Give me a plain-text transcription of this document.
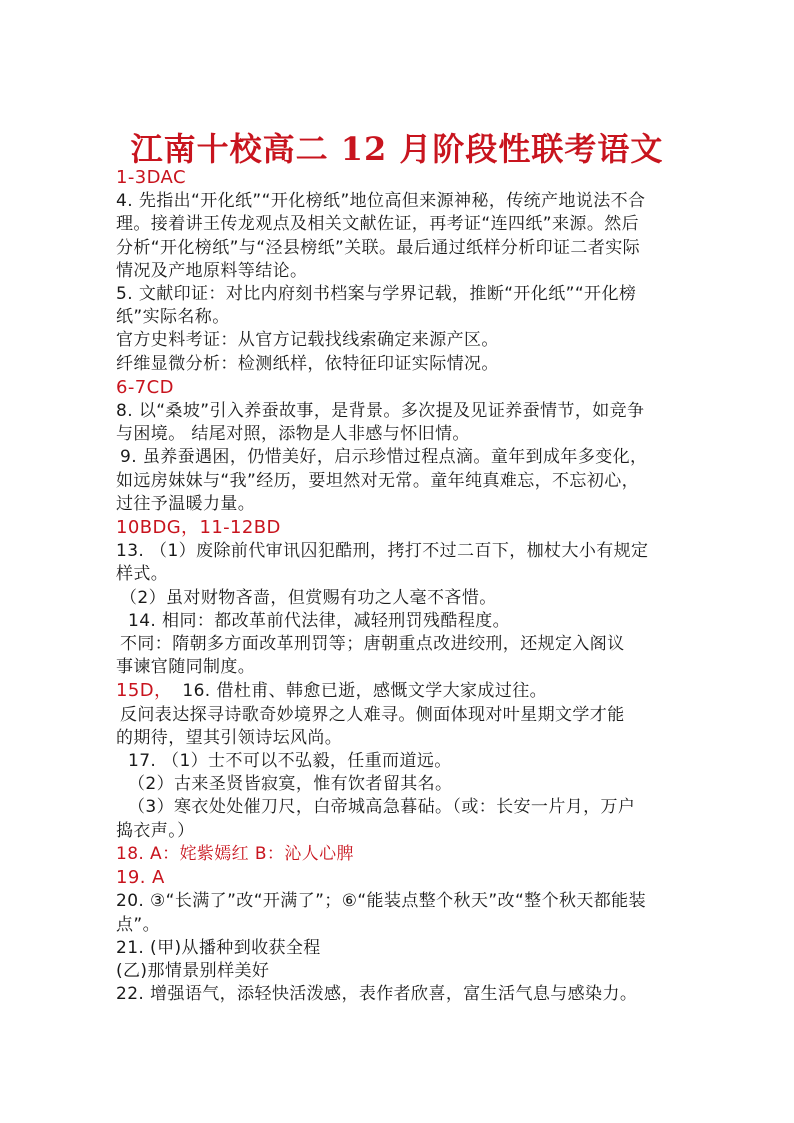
江南十校高二 12 月阶段性联考语文
1-3DAC
4. 先指出“开化纸”“开化榜纸”地位高但来源神秘，传统产地说法不合
理。接着讲王传龙观点及相关文献佐证，再考证“连四纸”来源。然后
分析“开化榜纸”与“泾县榜纸”关联。最后通过纸样分析印证二者实际
情况及产地原料等结论。
5. 文献印证：对比内府刻书档案与学界记载，推断“开化纸”“开化榜
纸”实际名称。
官方史料考证：从官方记载找线索确定来源产区。
纤维显微分析：检测纸样，依特征印证实际情况。
6-7CD
8. 以“桑坡”引入养蚕故事，是背景。多次提及见证养蚕情节，如竞争
与困境。 结尾对照，添物是人非感与怀旧情。
9. 虽养蚕遇困，仍惜美好，启示珍惜过程点滴。童年到成年多变化，
如远房妹妹与“我”经历，要坦然对无常。童年纯真难忘，不忘初心，
过往予温暖力量。
10BDG，11-12BD
13. （1）废除前代审讯囚犯酷刑，拷打不过二百下，枷杖大小有规定
样式。
（2）虽对财物吝啬，但赏赐有功之人毫不吝惜。
14. 相同：都改革前代法律，减轻刑罚残酷程度。
不同：隋朝多方面改革刑罚等；唐朝重点改进绞刑，还规定入阁议
事谏官随同制度。
15D， 16. 借杜甫、韩愈已逝，感慨文学大家成过往。
反问表达探寻诗歌奇妙境界之人难寻。侧面体现对叶星期文学才能
的期待，望其引领诗坛风尚。
17. （1）士不可以不弘毅，任重而道远。
（2）古来圣贤皆寂寞，惟有饮者留其名。
（3）寒衣处处催刀尺，白帝城高急暮砧。（或：长安一片月，万户
捣衣声。）
18. A：姹紫嫣红 B：沁人心脾
19. A
20. ③“长满了”改“开满了”；⑥“能装点整个秋天”改“整个秋天都能装
点”。
21. (甲)从播种到收获全程
(乙)那情景别样美好
22. 增强语气，添轻快活泼感，表作者欣喜，富生活气息与感染力。
